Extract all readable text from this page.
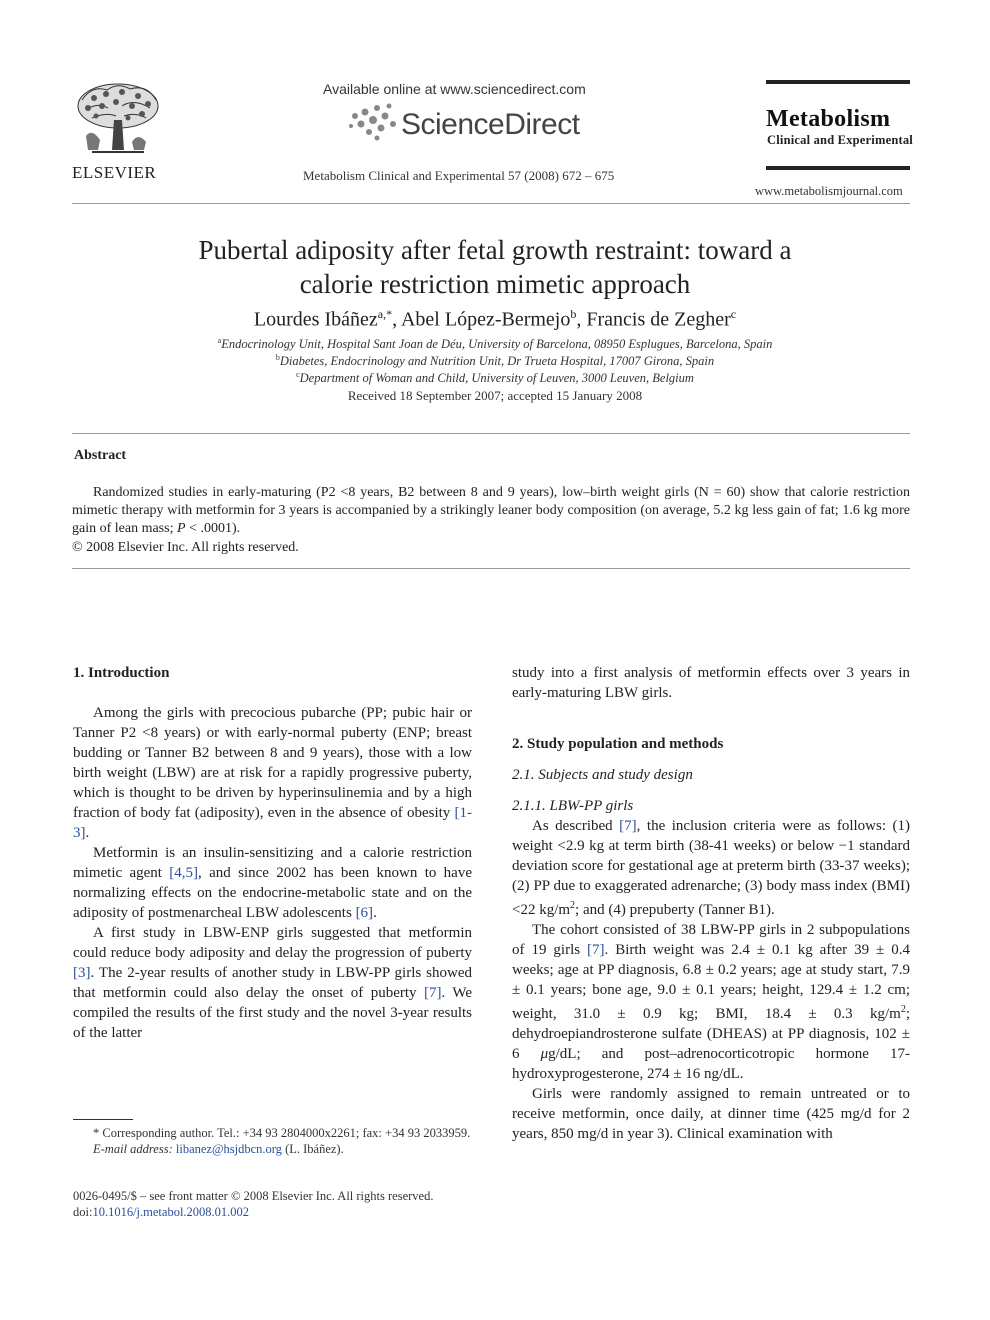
ELSEVIER
Available online at www.sciencedirect.com
ScienceDirect
Metabolism Clinical and Experimental 57 (2008) 672 – 675
Metabolism
Clinical and Experimental
www.metabolismjournal.com
Pubertal adiposity after fetal growth restraint: toward a
calorie restriction mimetic approach
Lourdes Ibáñez$^{a,*}$, Abel López-Bermejo$^b$, Francis de Zegher$^c$
$^a$Endocrinology Unit, Hospital Sant Joan de Déu, University of Barcelona, 08950 Esplugues, Barcelona, Spain
$^b$Diabetes, Endocrinology and Nutrition Unit, Dr Trueta Hospital, 17007 Girona, Spain
$^c$Department of Woman and Child, University of Leuven, 3000 Leuven, Belgium
Received 18 September 2007; accepted 15 January 2008
Abstract
Randomized studies in early-maturing (P2 <8 years, B2 between 8 and 9 years), low–birth weight girls (N = 60) show that calorie restriction mimetic therapy with metformin for 3 years is accompanied by a strikingly leaner body composition (on average, 5.2 kg less gain of fat; 1.6 kg more gain of lean mass; P < .0001).
© 2008 Elsevier Inc. All rights reserved.

1. Introduction

Among the girls with precocious pubarche (PP; pubic hair or Tanner P2 <8 years) or with early-normal puberty (ENP; breast budding or Tanner B2 between 8 and 9 years), those with a low birth weight (LBW) are at risk for a rapidly progressive puberty, which is thought to be driven by hyperinsulinemia and by a high fraction of body fat (adiposity), even in the absence of obesity [1-3].

Metformin is an insulin-sensitizing and a calorie restriction mimetic agent [4,5], and since 2002 has been known to have normalizing effects on the endocrine-metabolic state and on the adiposity of postmenarcheal LBW adolescents [6].

A first study in LBW-ENP girls suggested that metformin could reduce body adiposity and delay the progression of puberty [3]. The 2-year results of another study in LBW-PP girls showed that metformin could also delay the onset of puberty [7]. We compiled the results of the first study and the novel 3-year results of the latter

* Corresponding author. Tel.: +34 93 2804000x2261; fax: +34 93 2033959.

E-mail address: libanez@hsjdbcn.org (L. Ibáñez).

0026-0495/$ – see front matter © 2008 Elsevier Inc. All rights reserved.

doi:10.1016/j.metabol.2008.01.002

study into a first analysis of metformin effects over 3 years in early-maturing LBW girls.

2. Study population and methods

2.1. Subjects and study design

2.1.1. LBW-PP girls

As described [7], the inclusion criteria were as follows: (1) weight <2.9 kg at term birth (38-41 weeks) or below −1 standard deviation score for gestational age at preterm birth (33-37 weeks); (2) PP due to exaggerated adrenarche; (3) body mass index (BMI) <22 $kg/m^2$; and (4) prepuberty (Tanner B1).

The cohort consisted of 38 LBW-PP girls in 2 subpopulations of 19 girls [7]. Birth weight was 2.4 ± 0.1 kg after 39 ± 0.4 weeks; age at PP diagnosis, 6.8 ± 0.2 years; age at study start, 7.9 ± 0.1 years; bone age, 9.0 ± 0.1 years; height, 129.4 ± 1.2 cm; weight, 31.0 ± 0.9 kg; BMI, 18.4 ± 0.3 $kg/m^2$; dehydroepiandrosterone sulfate (DHEAS) at PP diagnosis, 102 ± 6 μg/dL; and post–adrenocorticotropic hormone 17-hydroxyprogesterone, 274 ± 16 ng/dL.

Girls were randomly assigned to remain untreated or to receive metformin, once daily, at dinner time (425 mg/d for 2 years, 850 mg/d in year 3). Clinical examination with
